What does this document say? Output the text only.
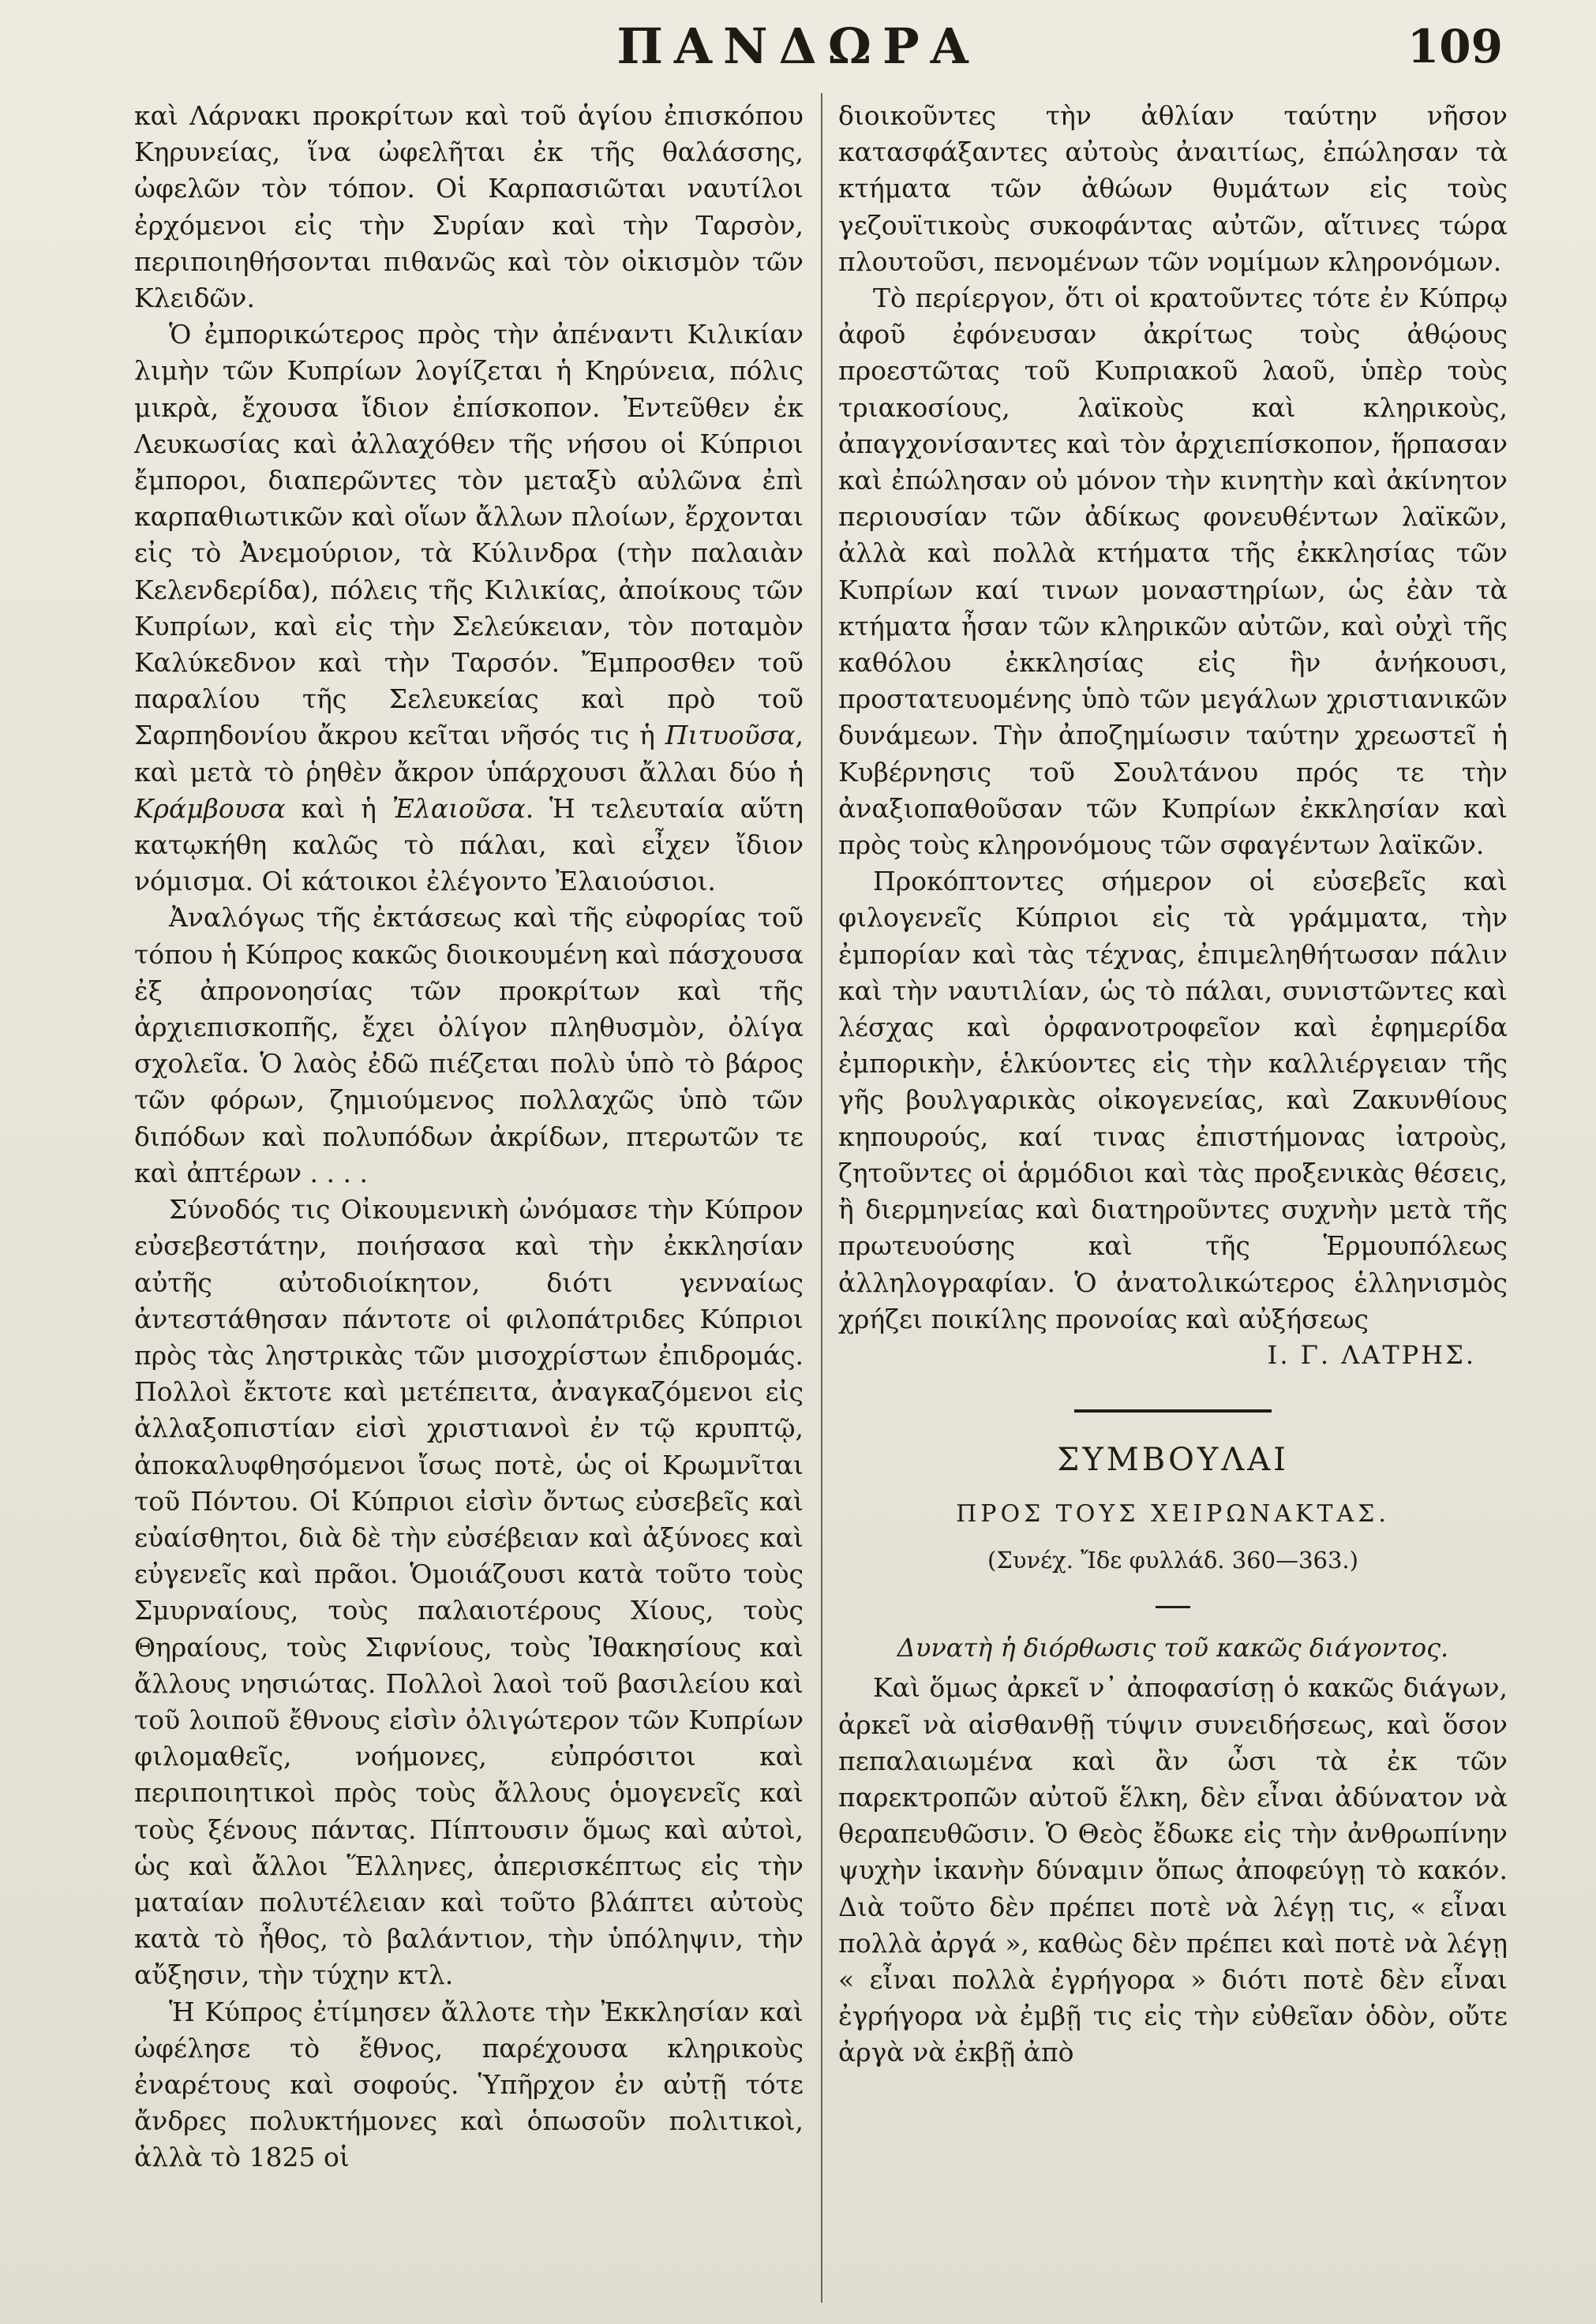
ΠΑΝΔΩΡΑ	109

καὶ Λάρνακι προκρίτων καὶ τοῦ ἁγίου ἐπισκόπου Κηρυνείας, ἵνα ὠφελῆται ἐκ τῆς θαλάσσης, ὠφελῶν τὸν τόπον. Οἱ Καρπασιῶται ναυτίλοι ἐρχόμενοι εἰς τὴν Συρίαν καὶ τὴν Ταρσὸν, περιποιηθήσονται πιθανῶς καὶ τὸν οἰκισμὸν τῶν Κλειδῶν.

Ὁ ἐμπορικώτερος πρὸς τὴν ἀπέναντι Κιλικίαν λιμὴν τῶν Κυπρίων λογίζεται ἡ Κηρύνεια, πόλις μικρὰ, ἔχουσα ἴδιον ἐπίσκοπον. Ἐντεῦθεν ἐκ Λευκωσίας καὶ ἀλλαχόθεν τῆς νήσου οἱ Κύπριοι ἔμποροι, διαπερῶντες τὸν μεταξὺ αὐλῶνα ἐπὶ καρπαθιωτικῶν καὶ οἵων ἄλλων πλοίων, ἔρχονται εἰς τὸ Ἀνεμούριον, τὰ Κύλινδρα (τὴν παλαιὰν Κελενδερίδα), πόλεις τῆς Κιλικίας, ἀποίκους τῶν Κυπρίων, καὶ εἰς τὴν Σελεύκειαν, τὸν ποταμὸν Καλύκεδνον καὶ τὴν Ταρσόν. Ἔμπροσθεν τοῦ παραλίου τῆς Σελευκείας καὶ πρὸ τοῦ Σαρπηδονίου ἄκρου κεῖται νῆσός τις ἡ Πιτυοῦσα, καὶ μετὰ τὸ ῥηθὲν ἄκρον ὑπάρχουσι ἄλλαι δύο ἡ Κράμβουσα καὶ ἡ Ἐλαιοῦσα. Ἡ τελευταία αὕτη κατῳκήθη καλῶς τὸ πάλαι, καὶ εἶχεν ἴδιον νόμισμα. Οἱ κάτοικοι ἐλέγοντο Ἐλαιούσιοι.

Ἀναλόγως τῆς ἐκτάσεως καὶ τῆς εὐφορίας τοῦ τόπου ἡ Κύπρος κακῶς διοικουμένη καὶ πάσχουσα ἐξ ἀπρονοησίας τῶν προκρίτων καὶ τῆς ἀρχιεπισκοπῆς, ἔχει ὀλίγον πληθυσμὸν, ὀλίγα σχολεῖα. Ὁ λαὸς ἐδῶ πιέζεται πολὺ ὑπὸ τὸ βάρος τῶν φόρων, ζημιούμενος πολλαχῶς ὑπὸ τῶν διπόδων καὶ πολυπόδων ἀκρίδων, πτερωτῶν τε καὶ ἀπτέρων . . . .

Σύνοδός τις Οἰκουμενικὴ ὠνόμασε τὴν Κύπρον εὐσεβεστάτην, ποιήσασα καὶ τὴν ἐκκλησίαν αὐτῆς αὐτοδιοίκητον, διότι γενναίως ἀντεστάθησαν πάντοτε οἱ φιλοπάτριδες Κύπριοι πρὸς τὰς ληστρικὰς τῶν μισοχρίστων ἐπιδρομάς. Πολλοὶ ἔκτοτε καὶ μετέπειτα, ἀναγκαζόμενοι εἰς ἀλλαξοπιστίαν εἰσὶ χριστιανοὶ ἐν τῷ κρυπτῷ, ἀποκαλυφθησόμενοι ἴσως ποτὲ, ὡς οἱ Κρωμνῖται τοῦ Πόντου. Οἱ Κύπριοι εἰσὶν ὄντως εὐσεβεῖς καὶ εὐαίσθητοι, διὰ δὲ τὴν εὐσέβειαν καὶ ἀξύνοες καὶ εὐγενεῖς καὶ πρᾶοι. Ὁμοιάζουσι κατὰ τοῦτο τοὺς Σμυρναίους, τοὺς παλαιοτέρους Χίους, τοὺς Θηραίους, τοὺς Σιφνίους, τοὺς Ἰθακησίους καὶ ἄλλους νησιώτας. Πολλοὶ λαοὶ τοῦ βασιλείου καὶ τοῦ λοιποῦ ἔθνους εἰσὶν ὀλιγώτερον τῶν Κυπρίων φιλομαθεῖς, νοήμονες, εὐπρόσιτοι καὶ περιποιητικοὶ πρὸς τοὺς ἄλλους ὁμογενεῖς καὶ τοὺς ξένους πάντας. Πίπτουσιν ὅμως καὶ αὐτοὶ, ὡς καὶ ἄλλοι Ἕλληνες, ἀπερισκέπτως εἰς τὴν ματαίαν πολυτέλειαν καὶ τοῦτο βλάπτει αὐτοὺς κατὰ τὸ ἦθος, τὸ βαλάντιον, τὴν ὑπόληψιν, τὴν αὔξησιν, τὴν τύχην κτλ.

Ἡ Κύπρος ἐτίμησεν ἄλλοτε τὴν Ἐκκλησίαν καὶ ὠφέλησε τὸ ἔθνος, παρέχουσα κληρικοὺς ἐναρέτους καὶ σοφούς. Ὑπῆρχον ἐν αὐτῇ τότε ἄνδρες πολυκτήμονες καὶ ὁπωσοῦν πολιτικοὶ, ἀλλὰ τὸ 1825 οἱ

διοικοῦντες τὴν ἀθλίαν ταύτην νῆσον κατασφάξαντες αὐτοὺς ἀναιτίως, ἐπώλησαν τὰ κτήματα τῶν ἀθώων θυμάτων εἰς τοὺς γεζουϊτικοὺς συκοφάντας αὐτῶν, αἵτινες τώρα πλουτοῦσι, πενομένων τῶν νομίμων κληρονόμων.

Τὸ περίεργον, ὅτι οἱ κρατοῦντες τότε ἐν Κύπρῳ ἀφοῦ ἐφόνευσαν ἀκρίτως τοὺς ἀθῴους προεστῶτας τοῦ Κυπριακοῦ λαοῦ, ὑπὲρ τοὺς τριακοσίους, λαϊκοὺς καὶ κληρικοὺς, ἀπαγχονίσαντες καὶ τὸν ἀρχιεπίσκοπον, ἥρπασαν καὶ ἐπώλησαν οὐ μόνον τὴν κινητὴν καὶ ἀκίνητον περιουσίαν τῶν ἀδίκως φονευθέντων λαϊκῶν, ἀλλὰ καὶ πολλὰ κτήματα τῆς ἐκκλησίας τῶν Κυπρίων καί τινων μοναστηρίων, ὡς ἐὰν τὰ κτήματα ἦσαν τῶν κληρικῶν αὐτῶν, καὶ οὐχὶ τῆς καθόλου ἐκκλησίας εἰς ἣν ἀνήκουσι, προστατευομένης ὑπὸ τῶν μεγάλων χριστιανικῶν δυνάμεων. Τὴν ἀποζημίωσιν ταύτην χρεωστεῖ ἡ Κυβέρνησις τοῦ Σουλτάνου πρός τε τὴν ἀναξιοπαθοῦσαν τῶν Κυπρίων ἐκκλησίαν καὶ πρὸς τοὺς κληρονόμους τῶν σφαγέντων λαϊκῶν.

Προκόπτοντες σήμερον οἱ εὐσεβεῖς καὶ φιλογενεῖς Κύπριοι εἰς τὰ γράμματα, τὴν ἐμπορίαν καὶ τὰς τέχνας, ἐπιμεληθήτωσαν πάλιν καὶ τὴν ναυτιλίαν, ὡς τὸ πάλαι, συνιστῶντες καὶ λέσχας καὶ ὀρφανοτροφεῖον καὶ ἐφημερίδα ἐμπορικὴν, ἑλκύοντες εἰς τὴν καλλιέργειαν τῆς γῆς βουλγαρικὰς οἰκογενείας, καὶ Ζακυνθίους κηπουρούς, καί τινας ἐπιστήμονας ἰατροὺς, ζητοῦντες οἱ ἁρμόδιοι καὶ τὰς προξενικὰς θέσεις, ἢ διερμηνείας καὶ διατηροῦντες συχνὴν μετὰ τῆς πρωτευούσης καὶ τῆς Ἑρμουπόλεως ἀλληλογραφίαν. Ὁ ἀνατολικώτερος ἑλληνισμὸς χρήζει ποικίλης προνοίας καὶ αὐξήσεως

Ι. Γ. ΛΑΤΡΗΣ.
ΣΥΜΒΟΥΛΑΙ
ΠΡΟΣ ΤΟΥΣ ΧΕΙΡΩΝΑΚΤΑΣ.
(Συνέχ. Ἴδε φυλλάδ. 360—363.)
Δυνατὴ ἡ διόρθωσις τοῦ κακῶς διάγοντος.

Καὶ ὅμως ἀρκεῖ ν᾽ ἀποφασίσῃ ὁ κακῶς διάγων, ἀρκεῖ νὰ αἰσθανθῇ τύψιν συνειδήσεως, καὶ ὅσον πεπαλαιωμένα καὶ ἂν ὦσι τὰ ἐκ τῶν παρεκτροπῶν αὐτοῦ ἕλκη, δὲν εἶναι ἀδύνατον νὰ θεραπευθῶσιν. Ὁ Θεὸς ἔδωκε εἰς τὴν ἀνθρωπίνην ψυχὴν ἱκανὴν δύναμιν ὅπως ἀποφεύγῃ τὸ κακόν. Διὰ τοῦτο δὲν πρέπει ποτὲ νὰ λέγῃ τις, « εἶναι πολλὰ ἀργά », καθὼς δὲν πρέπει καὶ ποτὲ νὰ λέγῃ « εἶναι πολλὰ ἐγρήγορα » διότι ποτὲ δὲν εἶναι ἐγρήγορα νὰ ἐμβῇ τις εἰς τὴν εὐθεῖαν ὁδὸν, οὔτε ἀργὰ νὰ ἐκβῇ ἀπὸ
